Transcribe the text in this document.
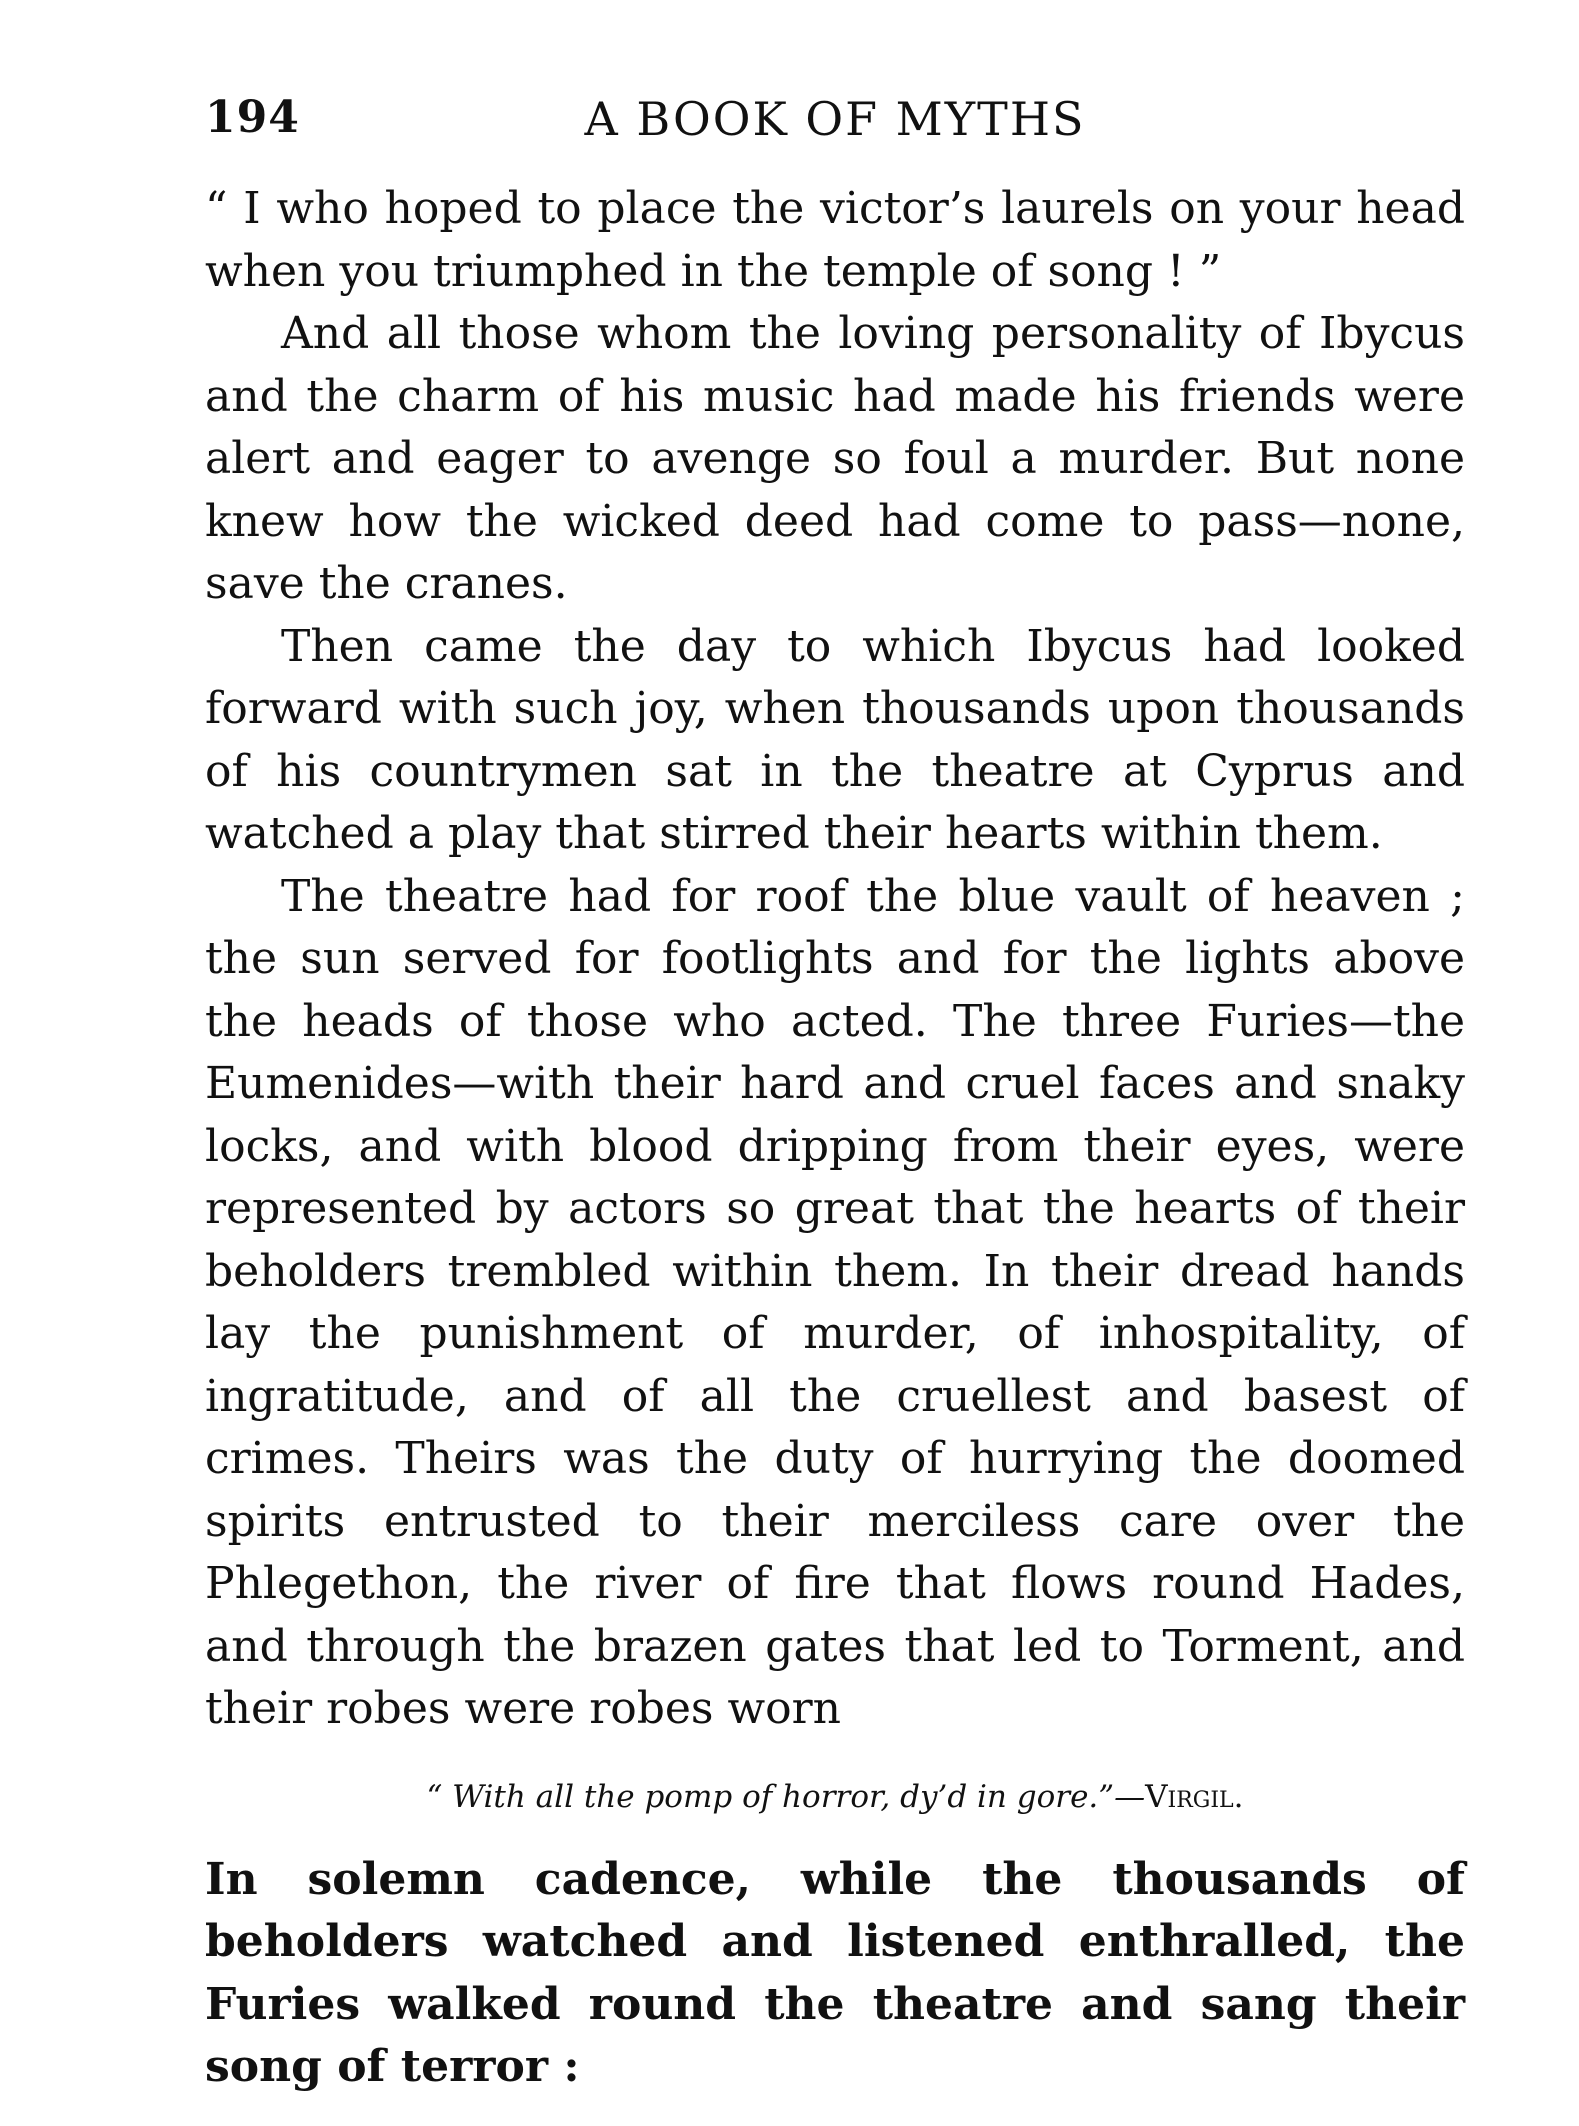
194	A BOOK OF MYTHS

“ I who hoped to place the victor’s laurels on your head when you triumphed in the temple of song ! ”

And all those whom the loving personality of Ibycus and the charm of his music had made his friends were alert and eager to avenge so foul a murder. But none knew how the wicked deed had come to pass—none, save the cranes.

Then came the day to which Ibycus had looked forward with such joy, when thousands upon thousands of his countrymen sat in the theatre at Cyprus and watched a play that stirred their hearts within them.

The theatre had for roof the blue vault of heaven ; the sun served for footlights and for the lights above the heads of those who acted. The three Furies—the Eumenides—with their hard and cruel faces and snaky locks, and with blood dripping from their eyes, were represented by actors so great that the hearts of their beholders trembled within them. In their dread hands lay the punishment of murder, of inhospitality, of ingratitude, and of all the cruellest and basest of crimes. Theirs was the duty of hurrying the doomed spirits entrusted to their merciless care over the Phlegethon, the river of fire that flows round Hades, and through the brazen gates that led to Torment, and their robes were robes worn

“ With all the pomp of horror, dy’d in gore.”—Virgil.

In solemn cadence, while the thousands of beholders watched and listened enthralled, the Furies walked round the theatre and sang their song of terror :
